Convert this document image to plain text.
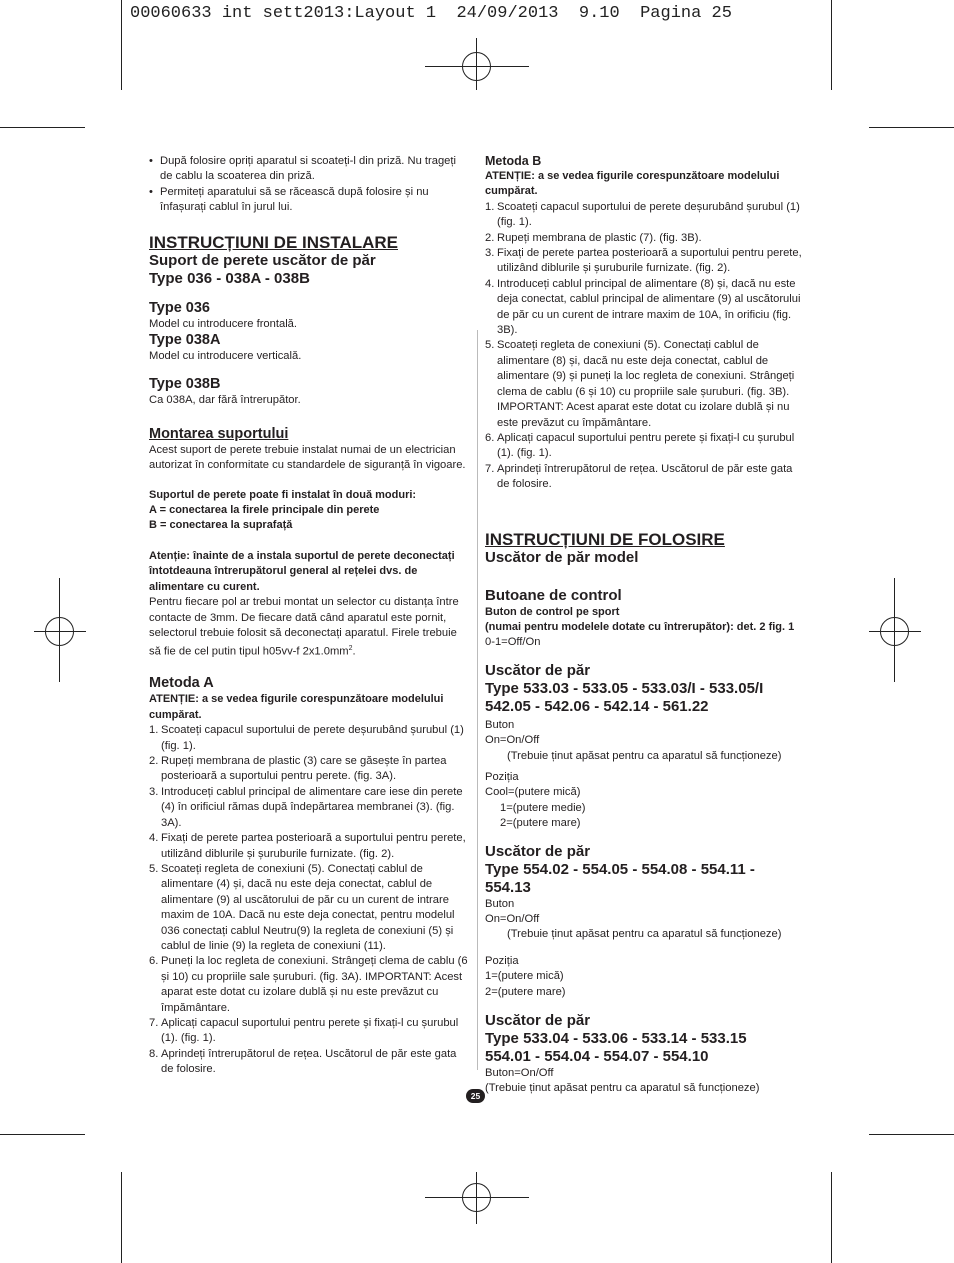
00060633 int sett2013:Layout 1  24/09/2013  9.10  Pagina 25
• După folosire opriți aparatul si scoateți-l din priză. Nu trageți de cablu la scoaterea din priză.
• Permiteți aparatului să se răcească după folosire și nu înfașurați cablul în jurul lui.
INSTRUCȚIUNI DE INSTALARE
Suport de perete uscător de păr
Type 036 - 038A - 038B
Type 036

Model cu introducere frontală.

Type 038A

Model cu introducere verticală.

Type 038B

Ca 038A, dar fără întrerupător.

Montarea suportului

Acest suport de perete trebuie instalat numai de un electrician autorizat în conformitate cu standardele de siguranță în vigoare.

Suportul de perete poate fi instalat în două moduri:

A = conectarea la firele principale din perete

B = conectarea la suprafață

Atenție: înainte de a instala suportul de perete deconectați întotdeauna întrerupătorul general al rețelei dvs. de alimentare cu curent.

Pentru fiecare pol ar trebui montat un selector cu distanța între contacte de 3mm. De fiecare dată când aparatul este pornit, selectorul trebuie folosit să deconectați aparatul. Firele trebuie să fie de cel putin tipul h05vv-f $2x1.0mm^2$.

Metoda A

ATENȚIE: a se vedea figurile corespunzătoare modelului cumpărat.

1. Scoateți capacul suportului de perete deșurubând șurubul (1) (fig. 1).
2. Rupeți membrana de plastic (3) care se găsește în partea posterioară a suportului pentru perete. (fig. 3A).
3. Introduceți cablul principal de alimentare care iese din perete (4) în orificiul rămas după îndepărtarea membranei (3). (fig. 3A).
4. Fixați de perete partea posterioară a suportului pentru perete, utilizând diblurile și șuruburile furnizate. (fig. 2).
5. Scoateți regleta de conexiuni (5). Conectați cablul de alimentare (4) și, dacă nu este deja conectat, cablul de alimentare (9) al uscătorului de păr cu un curent de intrare maxim de 10A. Dacă nu este deja conectat, pentru modelul 036 conectați cablul Neutru(9) la regleta de conexiuni (5) și cablul de linie (9) la regleta de conexiuni (11).
6. Puneți la loc regleta de conexiuni. Strângeți clema de cablu (6 și 10) cu propriile sale șuruburi. (fig. 3A). IMPORTANT: Acest aparat este dotat cu izolare dublă și nu este prevăzut cu împământare.
7. Aplicați capacul suportului pentru perete și fixați-l cu șurubul (1). (fig. 1).
8. Aprindeți întrerupătorul de rețea. Uscătorul de păr este gata de folosire.
Metoda B

ATENȚIE: a se vedea figurile corespunzătoare modelului cumpărat.

1. Scoateți capacul suportului de perete deșurubând șurubul (1) (fig. 1).
2. Rupeți membrana de plastic (7). (fig. 3B).
3. Fixați de perete partea posterioară a suportului pentru perete, utilizând diblurile și șuruburile furnizate. (fig. 2).
4. Introduceți cablul principal de alimentare (8) și, dacă nu este deja conectat, cablul principal de alimentare (9) al uscătorului de păr cu un curent de intrare maxim de 10A, în orificiu (fig. 3B).
5. Scoateți regleta de conexiuni (5). Conectați cablul de alimentare (8) și, dacă nu este deja conectat, cablul de alimentare (9) și puneți la loc regleta de conexiuni. Strângeți clema de cablu (6 și 10) cu propriile sale șuruburi. (fig. 3B). IMPORTANT: Acest aparat este dotat cu izolare dublă și nu este prevăzut cu împământare.
6. Aplicați capacul suportului pentru perete și fixați-l cu șurubul (1). (fig. 1).
7. Aprindeți întrerupătorul de rețea. Uscătorul de păr este gata de folosire.
INSTRUCȚIUNI DE FOLOSIRE
Uscător de păr model
Butoane de control

Buton de control pe sport

(numai pentru modelele dotate cu întrerupător): det. 2 fig. 1

0-1=Off/On

Uscător de păr
Type 533.03 - 533.05 - 533.03/I - 533.05/I
542.05 - 542.06 - 542.14 - 561.22

Buton

On=On/Off

(Trebuie ținut apăsat pentru ca aparatul să funcționeze)

Poziția

Cool=(putere mică)

1=(putere medie)

2=(putere mare)

Uscător de păr
Type 554.02 - 554.05 - 554.08 - 554.11 -
554.13

Buton

On=On/Off

(Trebuie ținut apăsat pentru ca aparatul să funcționeze)

Poziția

1=(putere mică)

2=(putere mare)

Uscător de păr
Type 533.04 - 533.06 - 533.14 - 533.15
554.01 - 554.04 - 554.07 - 554.10

Buton=On/Off

(Trebuie ținut apăsat pentru ca aparatul să funcționeze)

25
